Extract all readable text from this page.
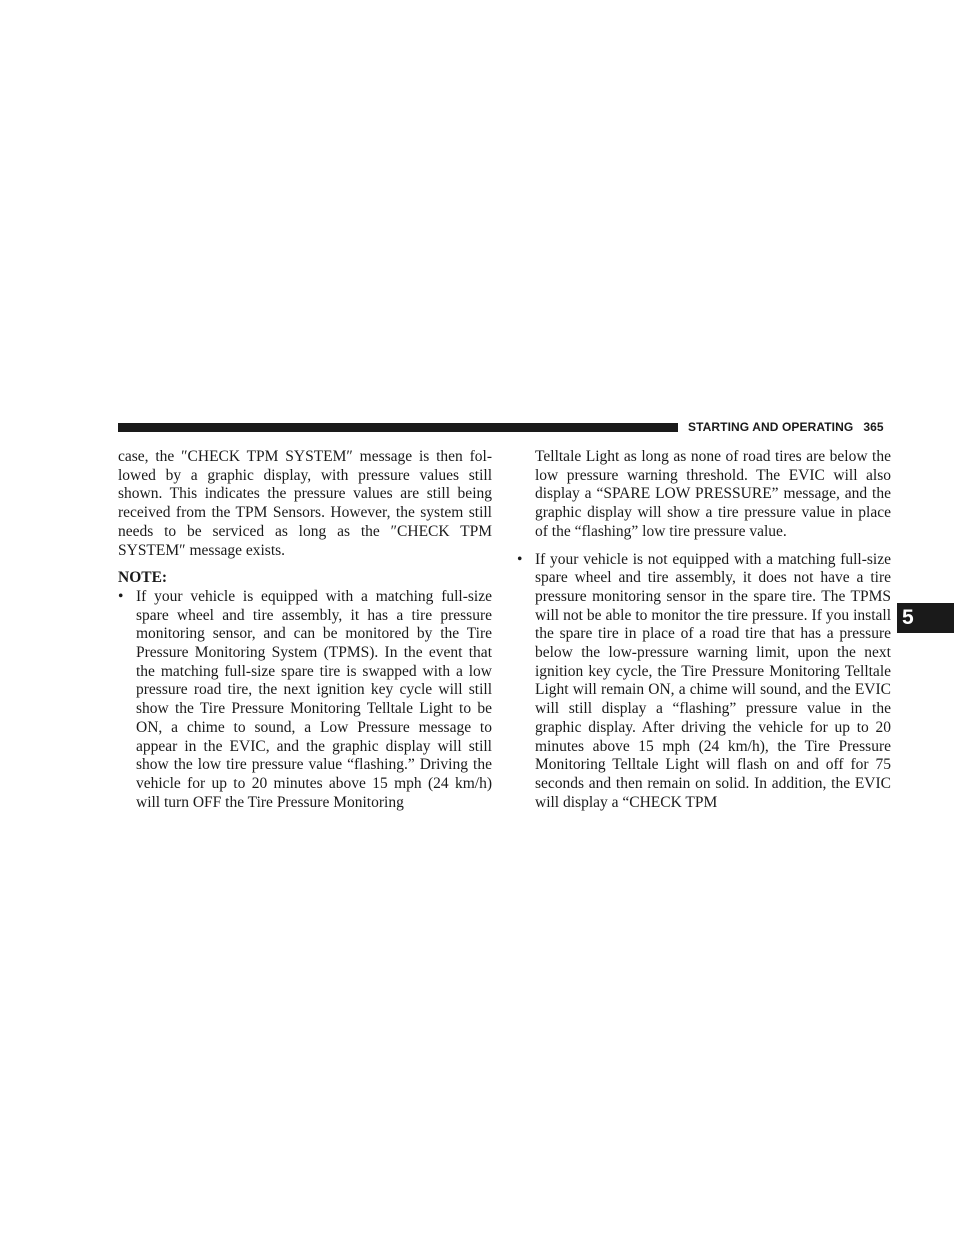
STARTING AND OPERATING 365
5

case, the ″CHECK TPM SYSTEM″ message is then followed by a graphic display, with pressure values still shown. This indicates the pressure values are still being received from the TPM Sensors. However, the system still needs to be serviced as long as the ″CHECK TPM SYSTEM″ message exists.

NOTE:

• If your vehicle is equipped with a matching full-size spare wheel and tire assembly, it has a tire pressure monitoring sensor, and can be monitored by the Tire Pressure Monitoring System (TPMS). In the event that the matching full-size spare tire is swapped with a low pressure road tire, the next ignition key cycle will still show the Tire Pressure Monitoring Telltale Light to be ON, a chime to sound, a Low Pressure message to appear in the EVIC, and the graphic display will still show the low tire pressure value “flashing.” Driving the vehicle for up to 20 minutes above 15 mph (24 km/h) will turn OFF the Tire Pressure Monitoring

Telltale Light as long as none of road tires are below the low pressure warning threshold. The EVIC will also display a “SPARE LOW PRESSURE” message, and the graphic display will show a tire pressure value in place of the “flashing” low tire pressure value.

• If your vehicle is not equipped with a matching full-size spare wheel and tire assembly, it does not have a tire pressure monitoring sensor in the spare tire. The TPMS will not be able to monitor the tire pressure. If you install the spare tire in place of a road tire that has a pressure below the low-pressure warning limit, upon the next ignition key cycle, the Tire Pressure Monitoring Telltale Light will remain ON, a chime will sound, and the EVIC will still display a “flashing” pressure value in the graphic display. After driving the vehicle for up to 20 minutes above 15 mph (24 km/h), the Tire Pressure Monitoring Telltale Light will flash on and off for 75 seconds and then remain on solid. In addition, the EVIC will display a “CHECK TPM
